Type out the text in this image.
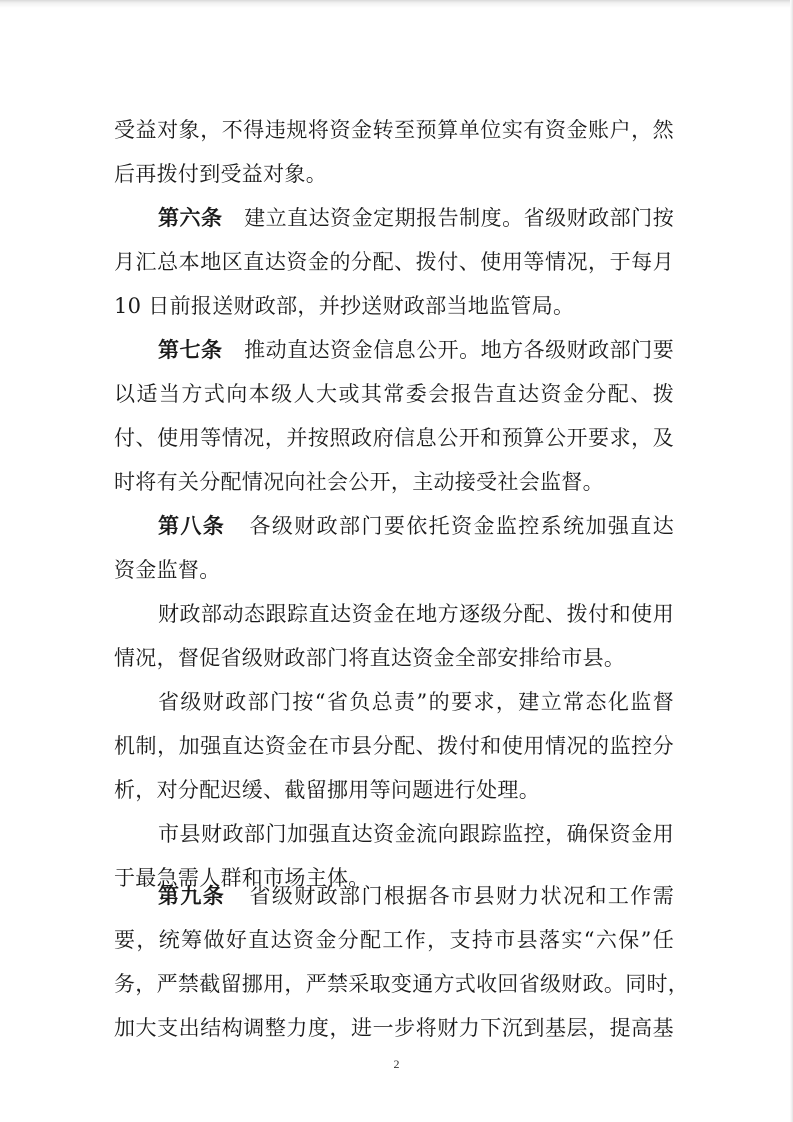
受益对象，不得违规将资金转至预算单位实有资金账户，然
后再拨付到受益对象。
第六条 建立直达资金定期报告制度。省级财政部门按
月汇总本地区直达资金的分配、拨付、使用等情况，于每月
10 日前报送财政部，并抄送财政部当地监管局。
第七条 推动直达资金信息公开。地方各级财政部门要
以适当方式向本级人大或其常委会报告直达资金分配、拨
付、使用等情况，并按照政府信息公开和预算公开要求，及
时将有关分配情况向社会公开，主动接受社会监督。
第八条 各级财政部门要依托资金监控系统加强直达
资金监督。
财政部动态跟踪直达资金在地方逐级分配、拨付和使用
情况，督促省级财政部门将直达资金全部安排给市县。
省级财政部门按“省负总责”的要求，建立常态化监督
机制，加强直达资金在市县分配、拨付和使用情况的监控分
析，对分配迟缓、截留挪用等问题进行处理。
市县财政部门加强直达资金流向跟踪监控，确保资金用
于最急需人群和市场主体。
第九条 省级财政部门根据各市县财力状况和工作需
要，统筹做好直达资金分配工作，支持市县落实“六保”任
务，严禁截留挪用，严禁采取变通方式收回省级财政。同时，
加大支出结构调整力度，进一步将财力下沉到基层，提高基
2
